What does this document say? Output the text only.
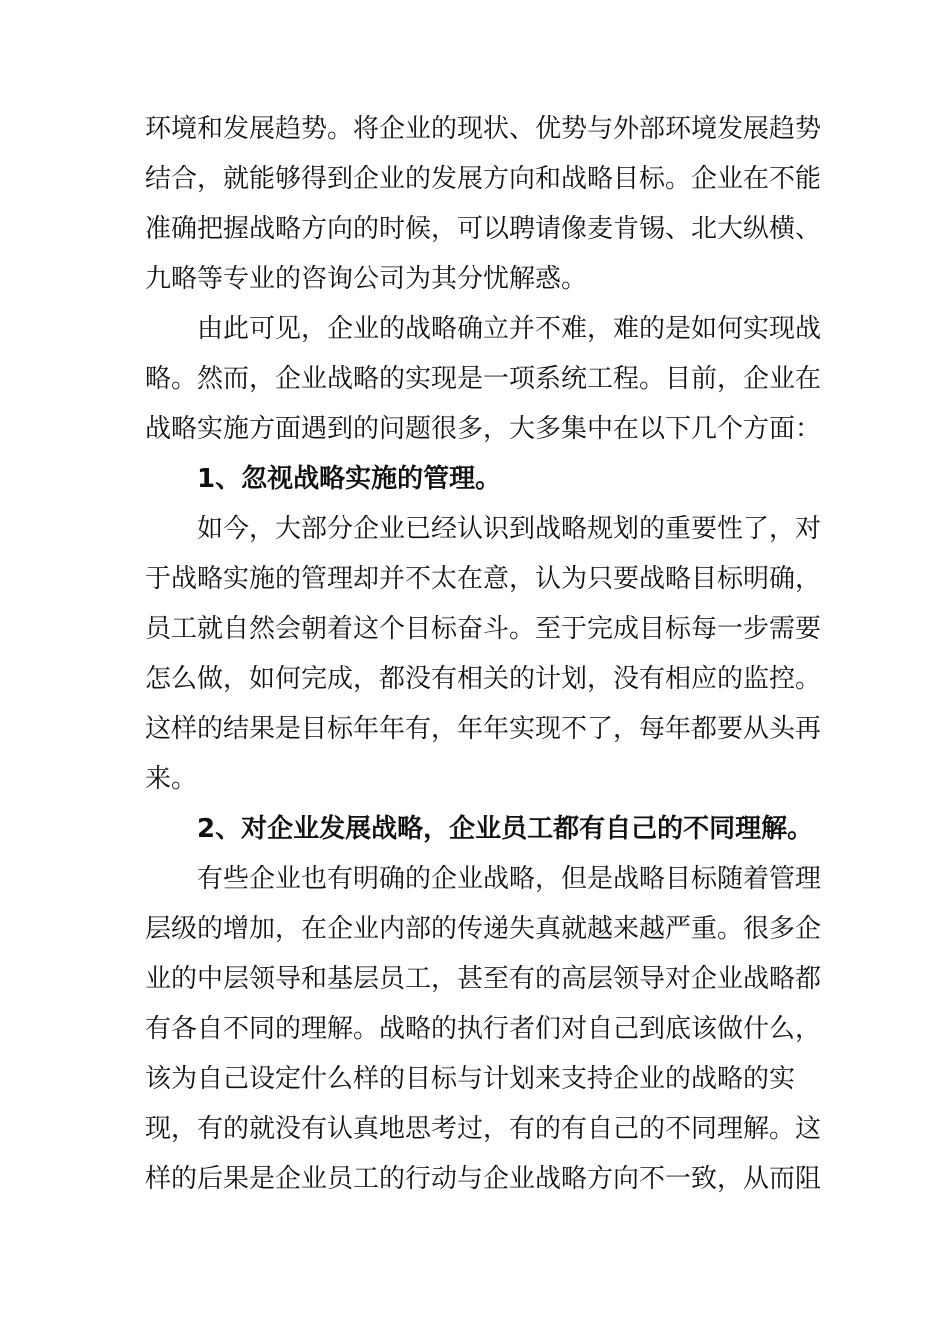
环境和发展趋势。将企业的现状、优势与外部环境发展趋势
结合，就能够得到企业的发展方向和战略目标。企业在不能
准确把握战略方向的时候，可以聘请像麦肯锡、北大纵横、
九略等专业的咨询公司为其分忧解惑。
由此可见，企业的战略确立并不难，难的是如何实现战
略。然而，企业战略的实现是一项系统工程。目前，企业在
战略实施方面遇到的问题很多，大多集中在以下几个方面：
1、忽视战略实施的管理。
如今，大部分企业已经认识到战略规划的重要性了，对
于战略实施的管理却并不太在意，认为只要战略目标明确，
员工就自然会朝着这个目标奋斗。至于完成目标每一步需要
怎么做，如何完成，都没有相关的计划，没有相应的监控。
这样的结果是目标年年有，年年实现不了，每年都要从头再
来。
2、对企业发展战略，企业员工都有自己的不同理解。
有些企业也有明确的企业战略，但是战略目标随着管理
层级的增加，在企业内部的传递失真就越来越严重。很多企
业的中层领导和基层员工，甚至有的高层领导对企业战略都
有各自不同的理解。战略的执行者们对自己到底该做什么，
该为自己设定什么样的目标与计划来支持企业的战略的实
现，有的就没有认真地思考过，有的有自己的不同理解。这
样的后果是企业员工的行动与企业战略方向不一致，从而阻
